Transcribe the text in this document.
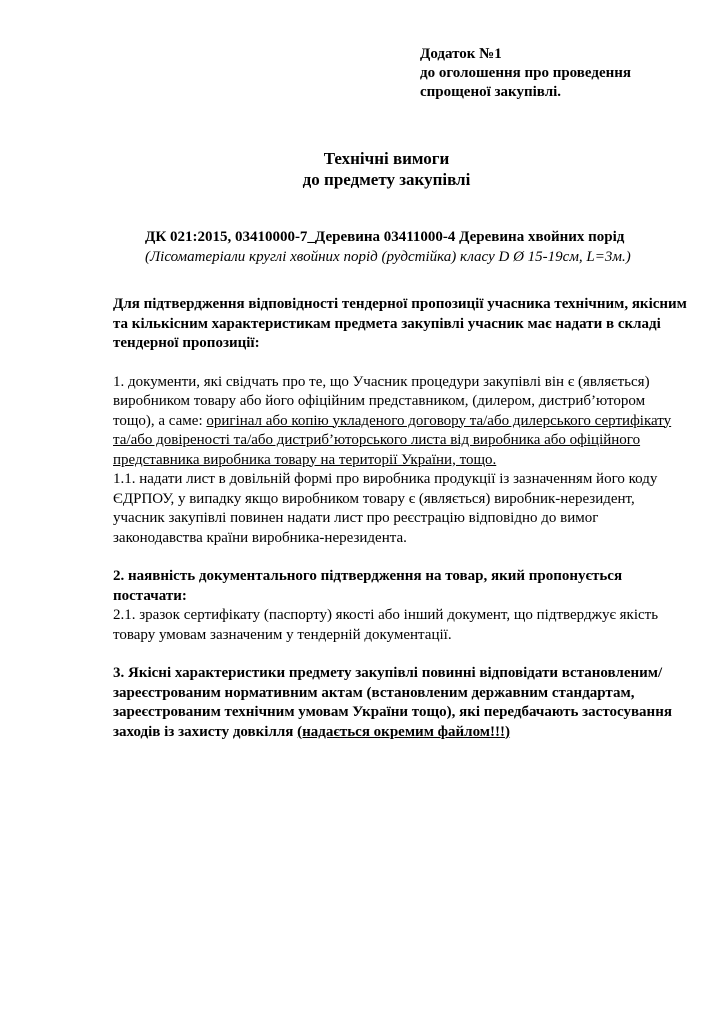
Додаток №1
до оголошення про проведення
спрощеної закупівлі.
Технічні вимоги
до предмету закупівлі

ДК 021:2015, 03410000-7_Деревина 03411000-4 Деревина хвойних порід
(Лісоматеріали круглі хвойних порід (рудстійка) класу D Ø 15-19см, L=3м.)

Для підтвердження відповідності тендерної пропозиції учасника технічним, якісним та кількісним характеристикам предмета закупівлі учасник має надати в складі тендерної пропозиції:

1. документи, які свідчать про те, що Учасник процедури закупівлі він є (являється) виробником товару або його офіційним представником, (дилером, дистриб’ютором тощо), а саме: оригінал або копію укладеного договору та/або дилерського сертифікату та/або довіреності та/або дистриб’юторського листа від виробника або офіційного представника виробника товару на території України, тощо.

1.1. надати лист в довільній формі про виробника продукції із зазначенням його коду ЄДРПОУ, у випадку якщо виробником товару є (являється) виробник-нерезидент, учасник закупівлі повинен надати лист про реєстрацію відповідно до вимог законодавства країни виробника-нерезидента.

2. наявність документального підтвердження на товар, який пропонується постачати:

2.1. зразок сертифікату (паспорту) якості або інший документ, що підтверджує якість товару умовам зазначеним у тендерній документації.

3. Якісні характеристики предмету закупівлі повинні відповідати встановленим/зареєстрованим нормативним актам (встановленим державним стандартам, зареєстрованим технічним умовам України тощо), які передбачають застосування заходів із захисту довкілля (надається окремим файлом!!!)
